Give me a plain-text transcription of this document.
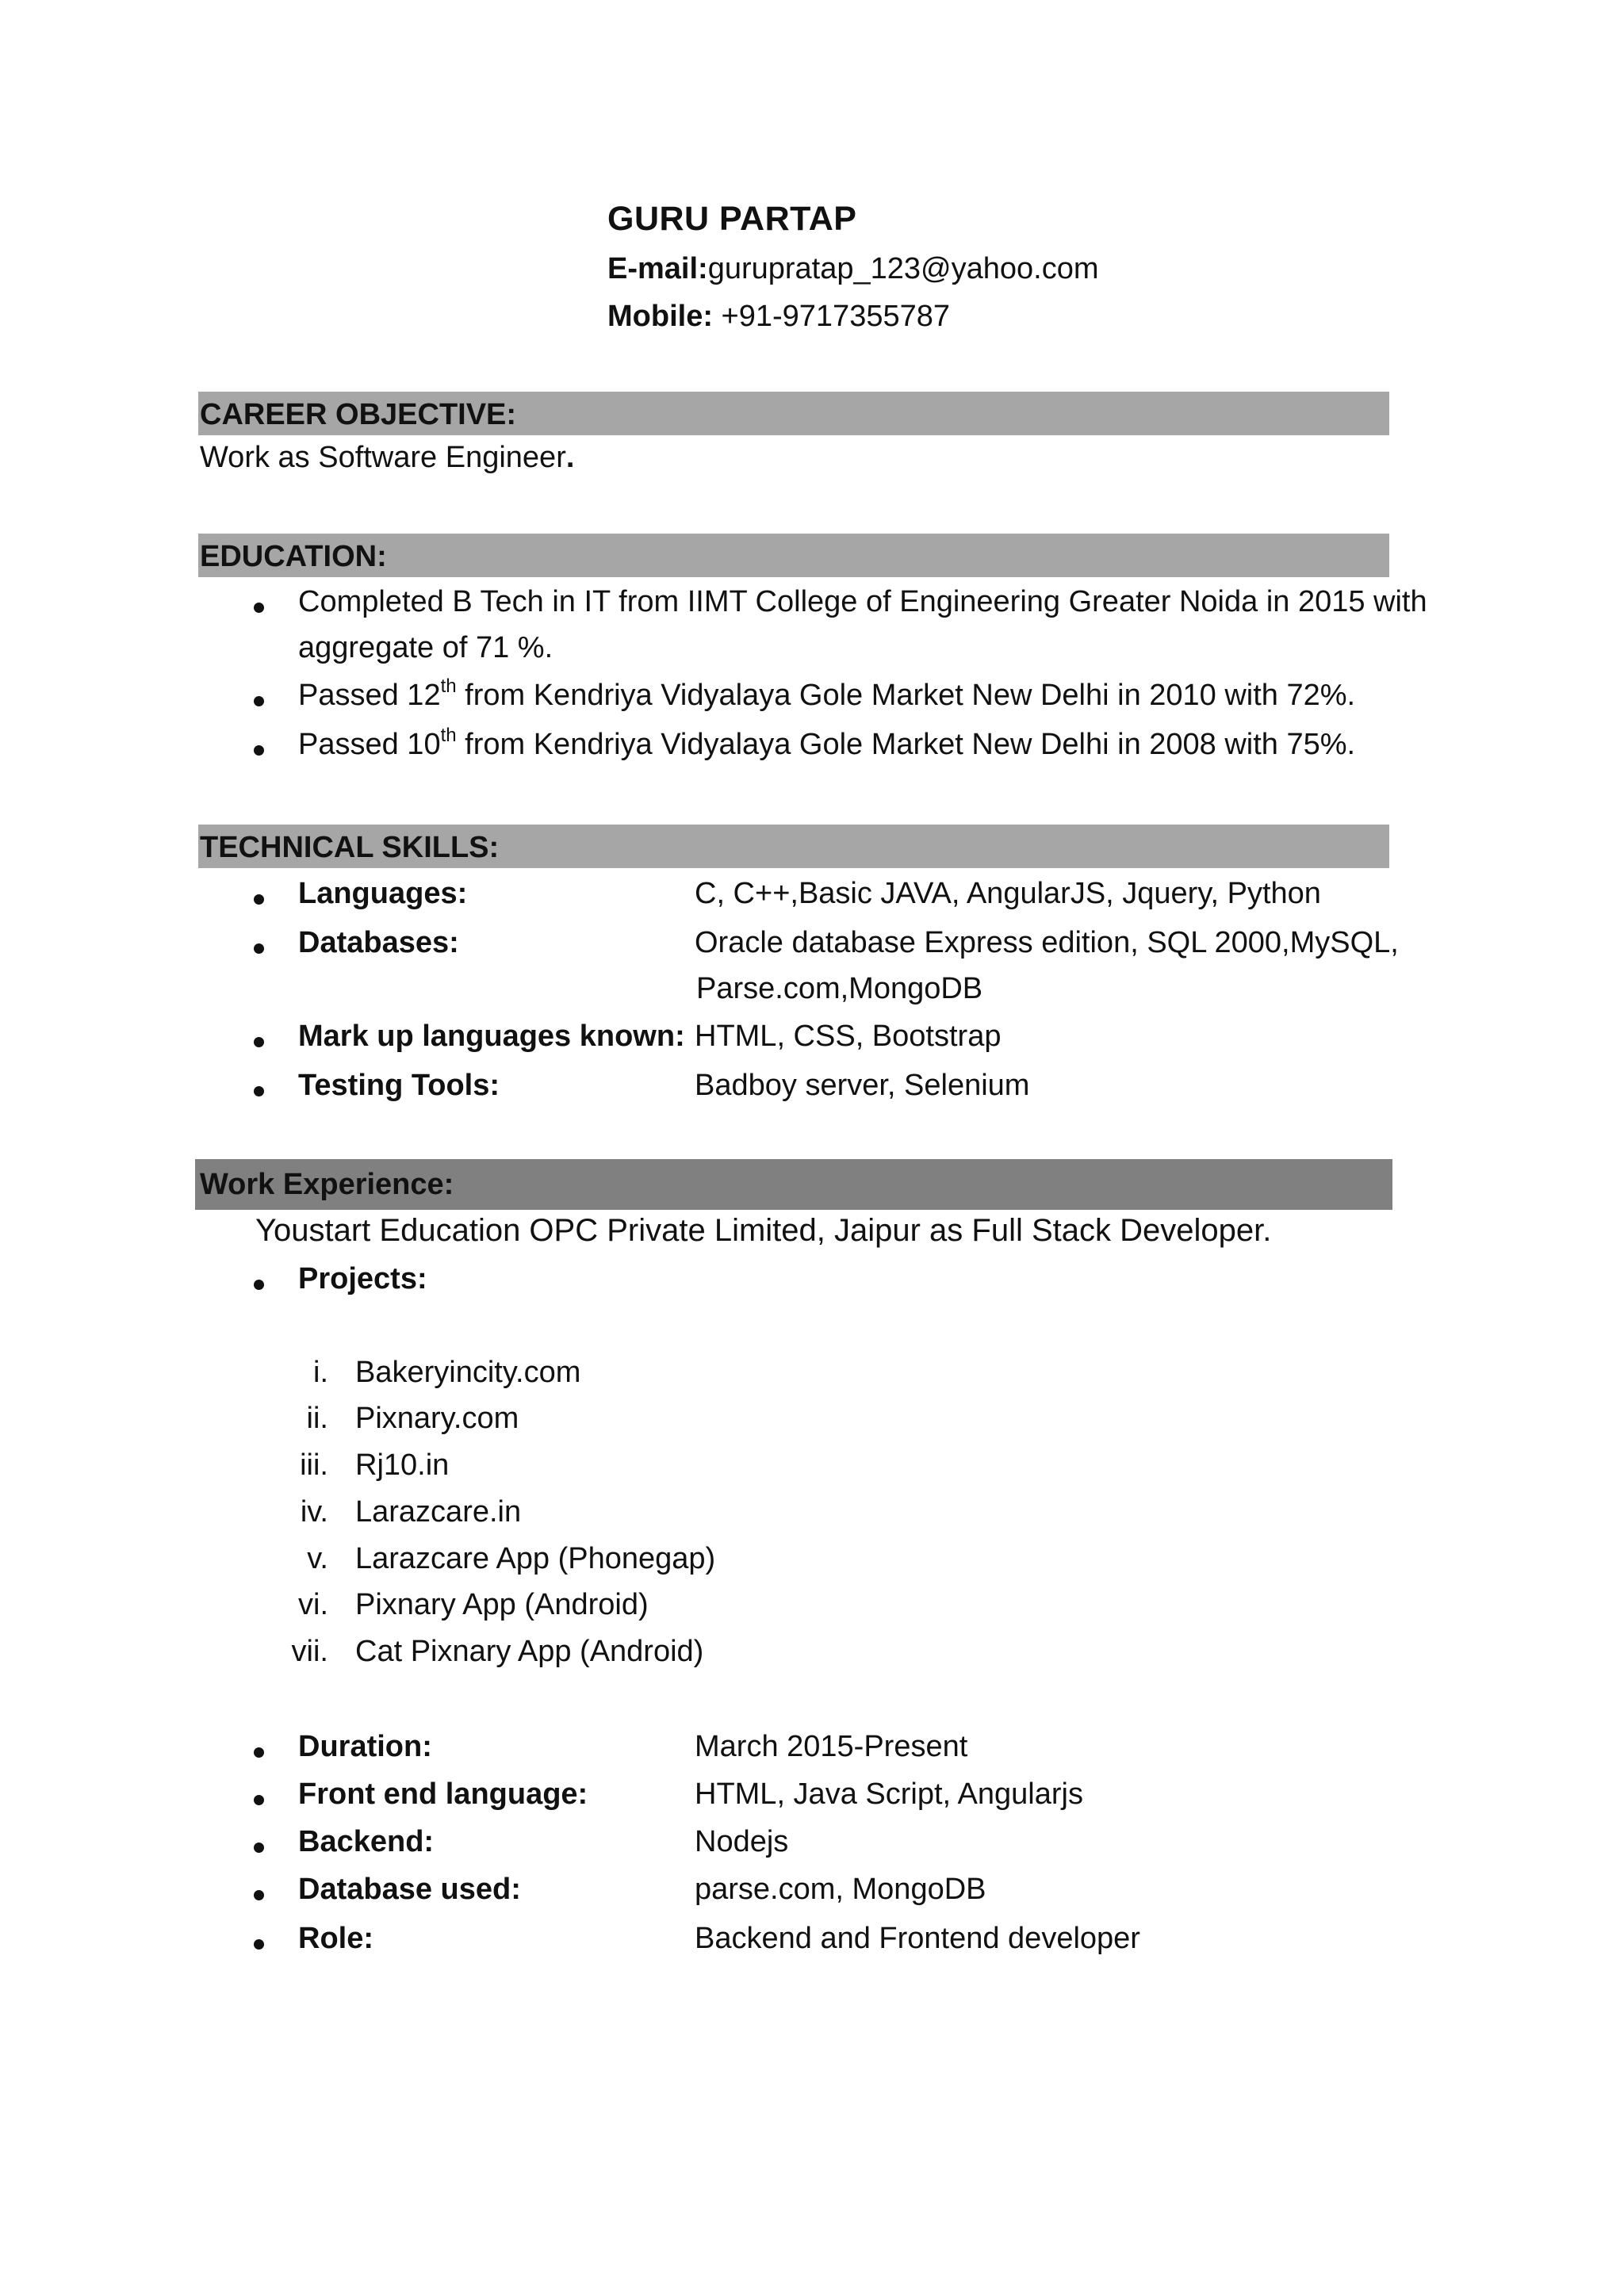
GURU PARTAP
E-mail:gurupratap_123@yahoo.com
Mobile: +91-9717355787
CAREER OBJECTIVE:
Work as Software Engineer.
EDUCATION:
Completed B Tech in IT from IIMT College of Engineering Greater Noida in 2015 with
aggregate of 71 %.
Passed 12th from Kendriya Vidyalaya Gole Market New Delhi in 2010 with 72%.
Passed 10th from Kendriya Vidyalaya Gole Market New Delhi in 2008 with 75%.
TECHNICAL SKILLS:
Languages:	C, C++,Basic JAVA, AngularJS, Jquery, Python
Databases:	Oracle database Express edition, SQL 2000,MySQL,
Parse.com,MongoDB
Mark up languages known: HTML, CSS, Bootstrap
Testing Tools:	Badboy server, Selenium
Work Experience:
Youstart Education OPC Private Limited, Jaipur as Full Stack Developer.
Projects:
i. Bakeryincity.com
ii. Pixnary.com
iii. Rj10.in
iv. Larazcare.in
v. Larazcare App (Phonegap)
vi. Pixnary App (Android)
vii. Cat Pixnary App (Android)
Duration:	March 2015-Present
Front end language:	HTML, Java Script, Angularjs
Backend:	Nodejs
Database used:	parse.com, MongoDB
Role:	Backend and Frontend developer
